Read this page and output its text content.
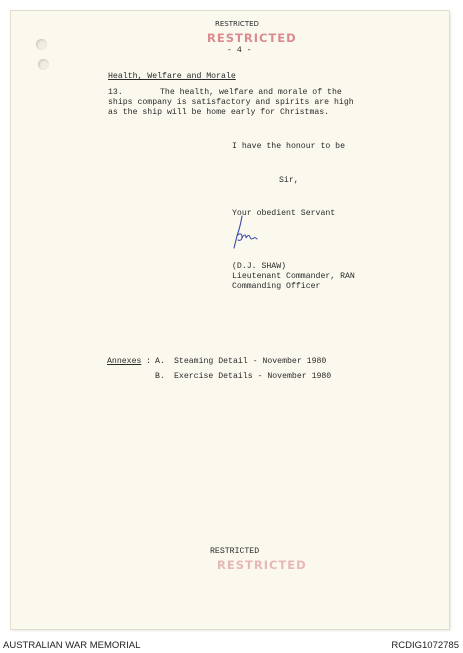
RESTRICTED
RESTRICTED
- 4 -
Health, Welfare and Morale
13.	The health, welfare and morale of the
ships company is satisfactory and spirits are high
as the ship will be home early for Christmas.
I have the honour to be
Sir,
Your obedient Servant
(D.J. SHAW)
Lieutenant Commander, RAN
Commanding Officer
Annexes : A. Steaming Detail - November 1980
B. Exercise Details - November 1980
RESTRICTED
RESTRICTED
AUSTRALIAN WAR MEMORIAL	RCDIG1072785
